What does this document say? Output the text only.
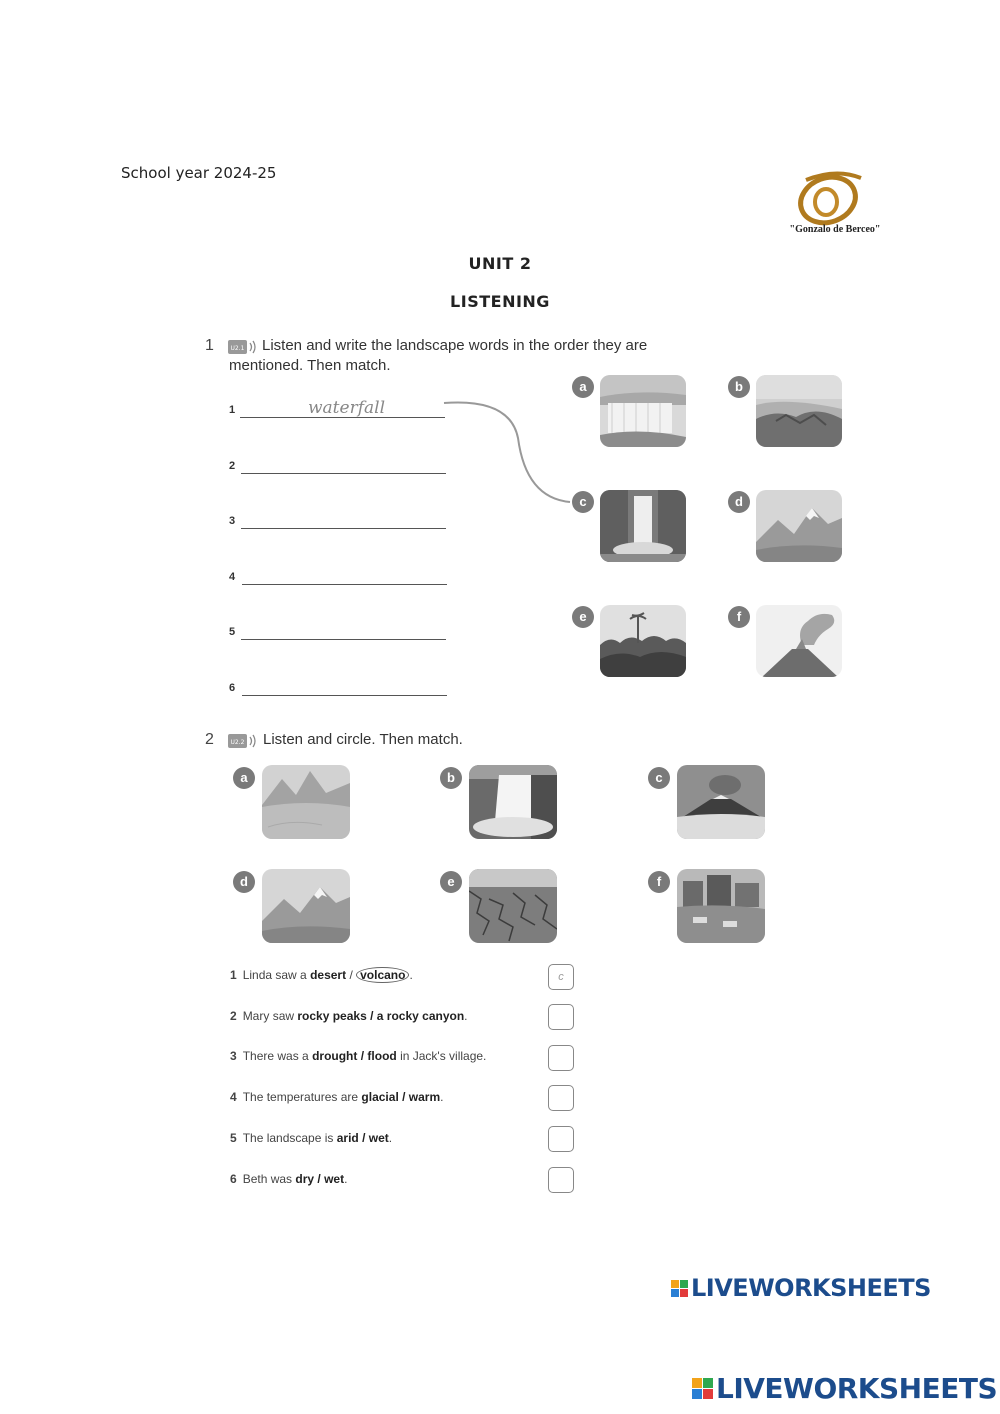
School year 2024-25
"Gonzalo de Berceo"
UNIT 2
LISTENING
1	U2.1 Listen and write the landscape words in the order they are
mentioned. Then match.
1	waterfall
2
3
4
5
6
a	b
c	d
e	f
2	U2.2 Listen and circle. Then match.
a	b	c
d	e	f
1 Linda saw a desert / volcano .	c
2 Mary saw rocky peaks / a rocky canyon.
3 There was a drought / flood in Jack's village.
4 The temperatures are glacial / warm.
5 The landscape is arid / wet.
6 Beth was dry / wet.
LIVEWORKSHEETS
LIVEWORKSHEETS
